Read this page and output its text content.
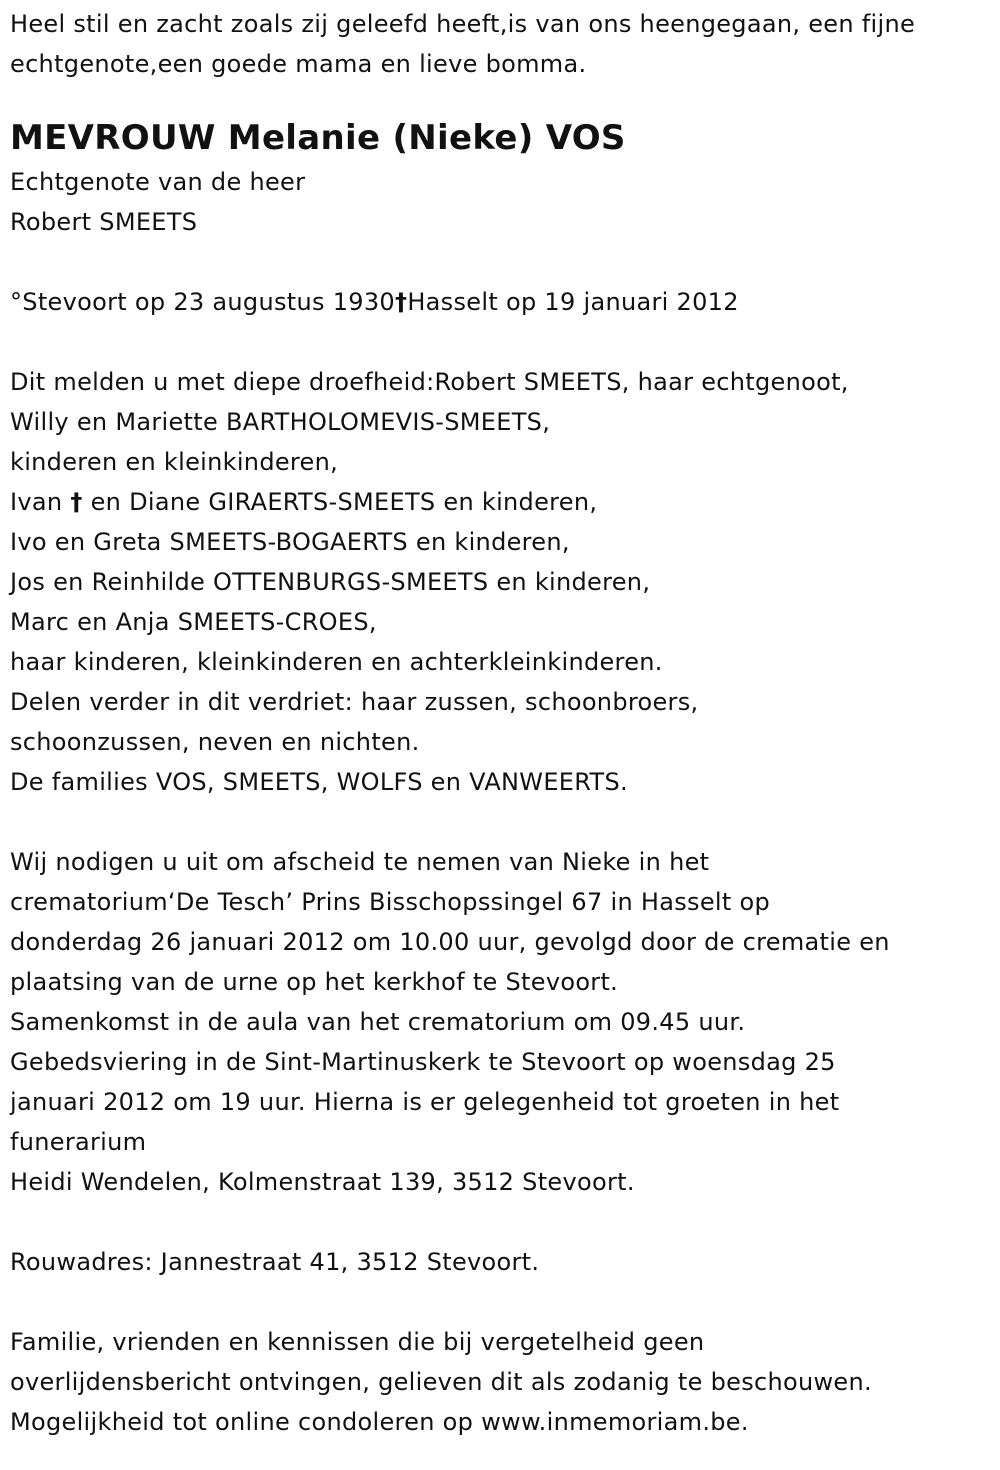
Heel stil en zacht zoals zij geleefd heeft,is van ons heengegaan, een fijne
echtgenote,een goede mama en lieve bomma.
MEVROUW Melanie (Nieke) VOS
Echtgenote van de heer
Robert SMEETS
°Stevoort op 23 augustus 1930†Hasselt op 19 januari 2012
Dit melden u met diepe droefheid:Robert SMEETS, haar echtgenoot,
Willy en Mariette BARTHOLOMEVIS-SMEETS,
kinderen en kleinkinderen,
Ivan † en Diane GIRAERTS-SMEETS en kinderen,
Ivo en Greta SMEETS-BOGAERTS en kinderen,
Jos en Reinhilde OTTENBURGS-SMEETS en kinderen,
Marc en Anja SMEETS-CROES,
haar kinderen, kleinkinderen en achterkleinkinderen.
Delen verder in dit verdriet: haar zussen, schoonbroers,
schoonzussen, neven en nichten.
De families VOS, SMEETS, WOLFS en VANWEERTS.
Wij nodigen u uit om afscheid te nemen van Nieke in het
crematorium‘De Tesch’ Prins Bisschopssingel 67 in Hasselt op
donderdag 26 januari 2012 om 10.00 uur, gevolgd door de crematie en
plaatsing van de urne op het kerkhof te Stevoort.
Samenkomst in de aula van het crematorium om 09.45 uur.
Gebedsviering in de Sint-Martinuskerk te Stevoort op woensdag 25
januari 2012 om 19 uur. Hierna is er gelegenheid tot groeten in het
funerarium
Heidi Wendelen, Kolmenstraat 139, 3512 Stevoort.
Rouwadres: Jannestraat 41, 3512 Stevoort.
Familie, vrienden en kennissen die bij vergetelheid geen
overlijdensbericht ontvingen, gelieven dit als zodanig te beschouwen.
Mogelijkheid tot online condoleren op www.inmemoriam.be.
